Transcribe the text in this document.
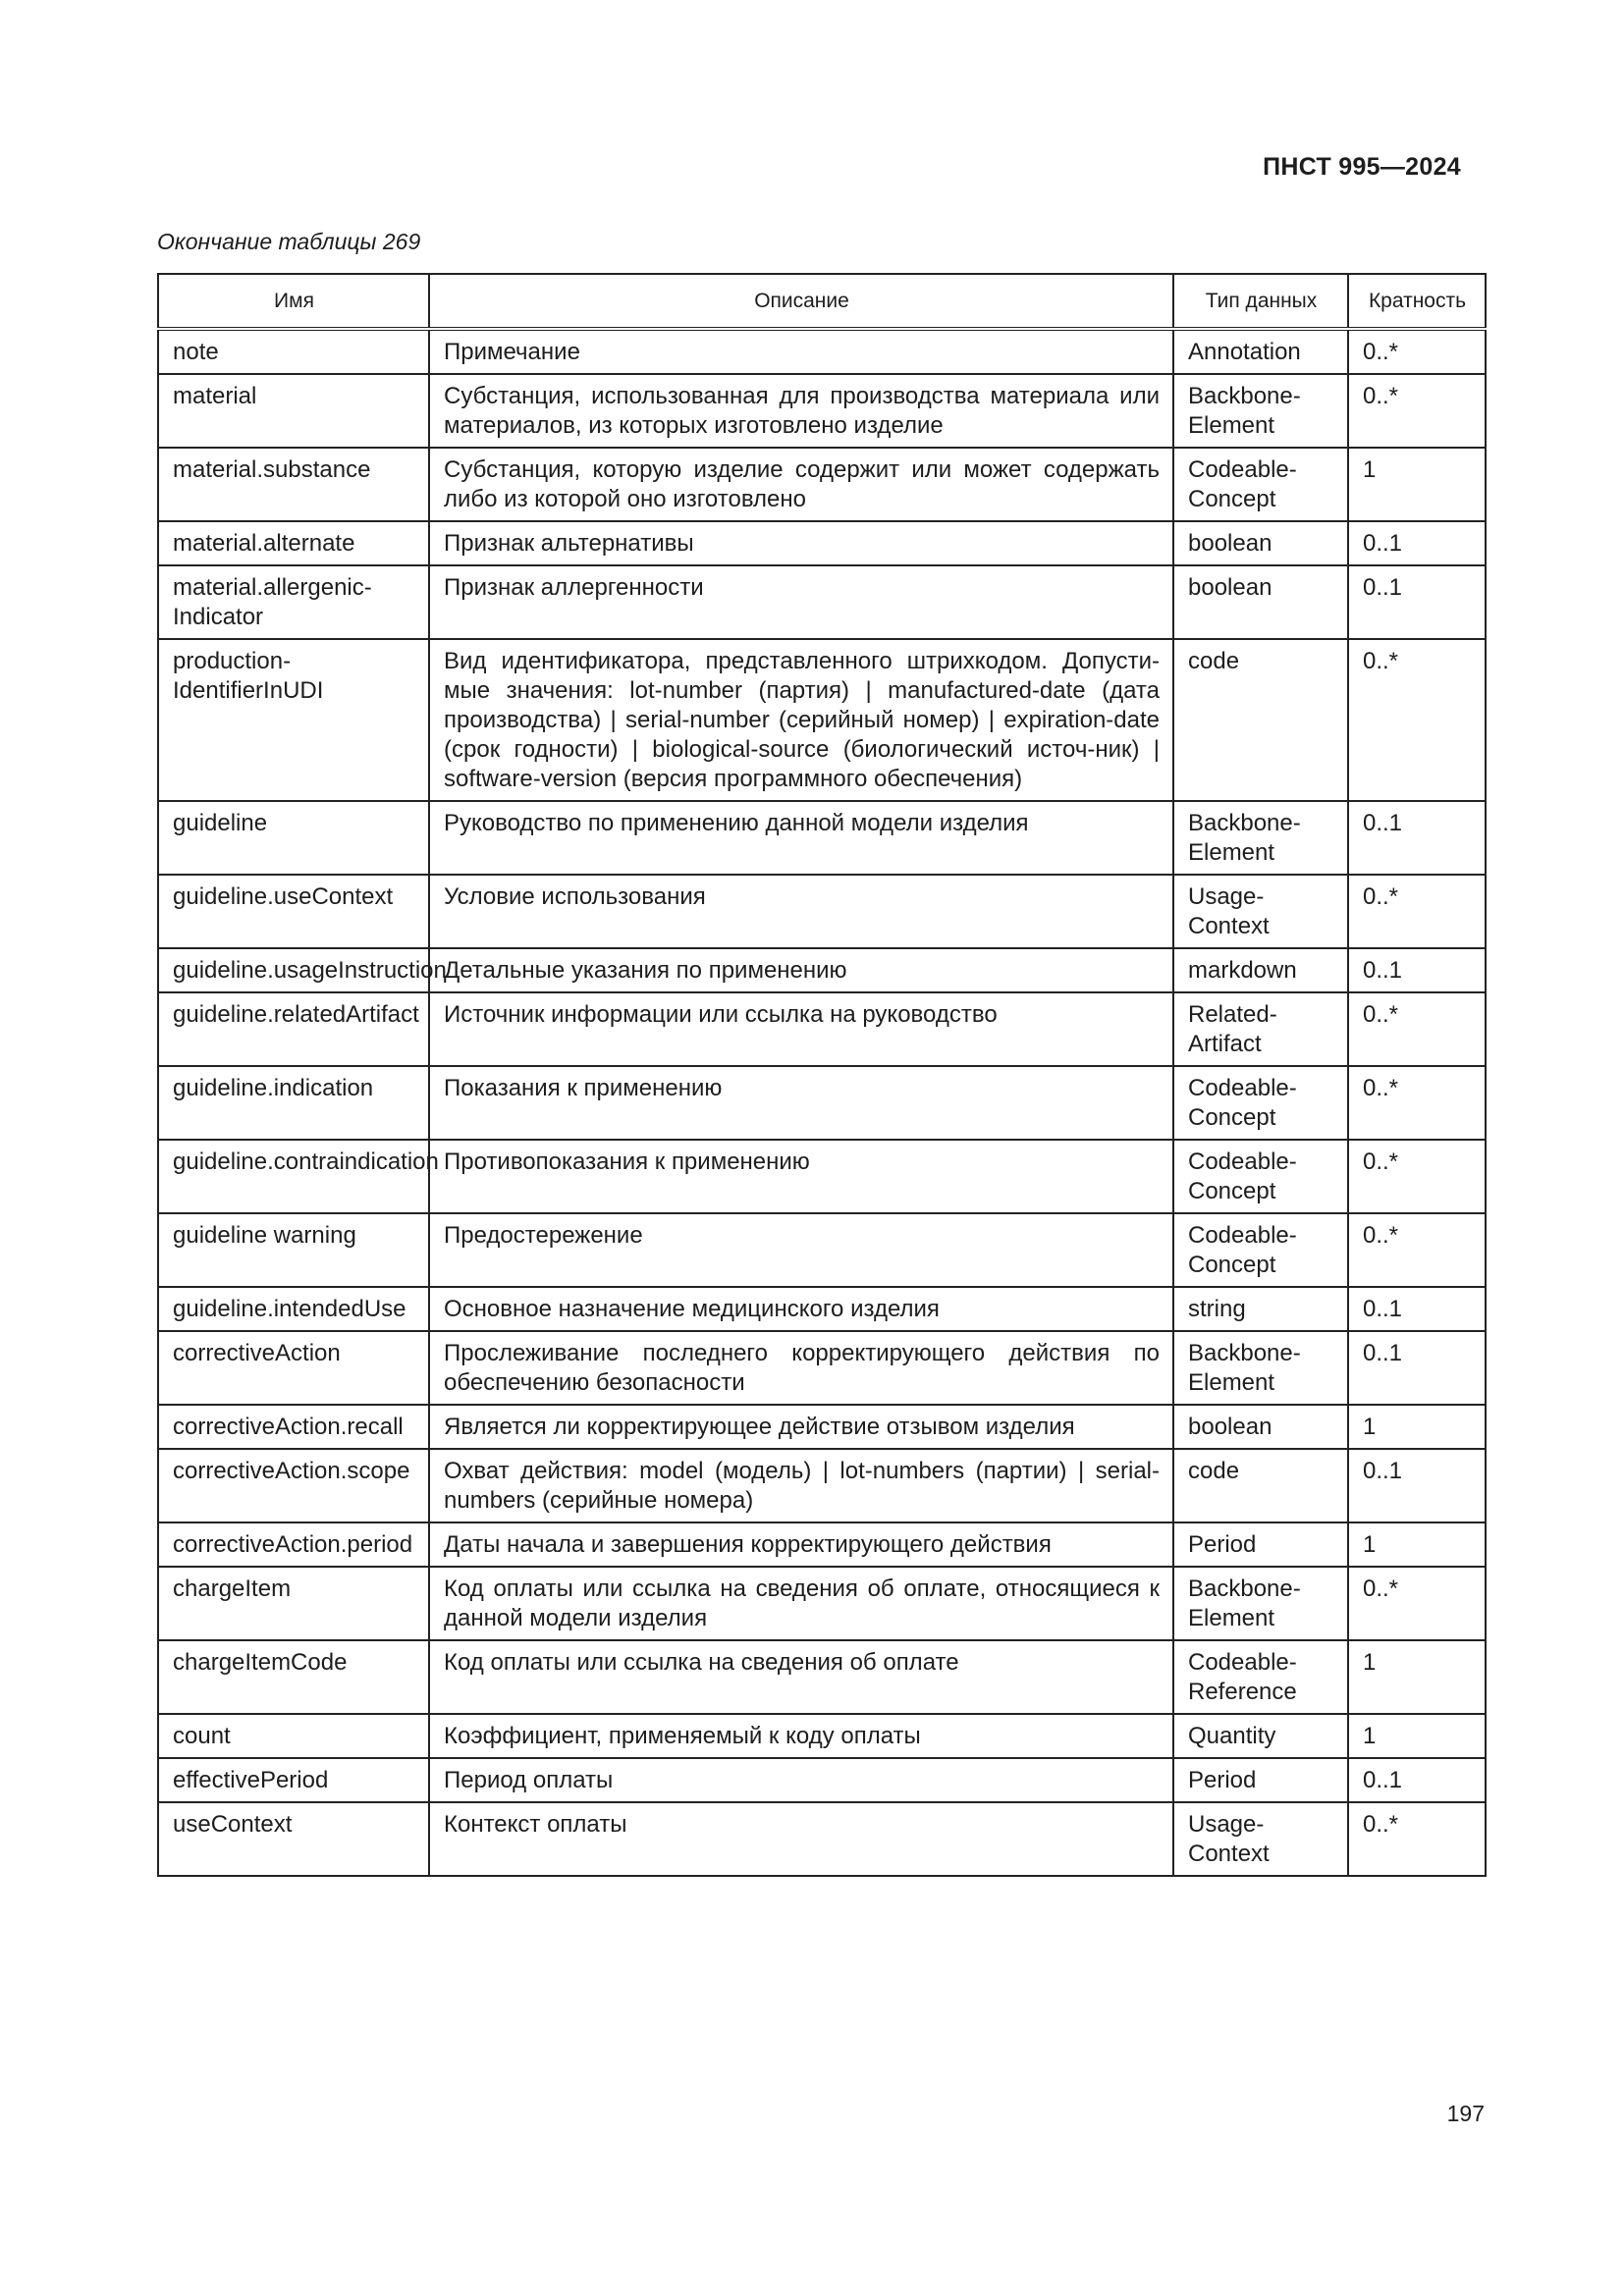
ПНСТ 995—2024
Окончание таблицы 269
Имя	Описание	Тип данных	Кратность
note	Примечание	Annotation	0..*
material	Субстанция, использованная для производства материала или материалов, из которых изготовлено изделие	Backbone-Element	0..*
material.substance	Субстанция, которую изделие содержит или может содержать либо из которой оно изготовлено	Codeable-Concept	1
material.alternate	Признак альтернативы	boolean	0..1
material.allergenic-Indicator	Признак аллергенности	boolean	0..1
production-IdentifierInUDI	Вид идентификатора, представленного штрихкодом. Допусти-мые значения: lot-number (партия) | manufactured-date (дата производства) | serial-number (серийный номер) | expiration-date (срок годности) | biological-source (биологический источ-ник) | software-version (версия программного обеспечения)	code	0..*
guideline	Руководство по применению данной модели изделия	Backbone-Element	0..1
guideline.useContext	Условие использования	Usage-Context	0..*
guideline.usageInstruction	Детальные указания по применению	markdown	0..1
guideline.relatedArtifact	Источник информации или ссылка на руководство	Related-Artifact	0..*
guideline.indication	Показания к применению	Codeable-Concept	0..*
guideline.contraindication	Противопоказания к применению	Codeable-Concept	0..*
guideline warning	Предостережение	Codeable-Concept	0..*
guideline.intendedUse	Основное назначение медицинского изделия	string	0..1
correctiveAction	Прослеживание последнего корректирующего действия по обеспечению безопасности	Backbone-Element	0..1
correctiveAction.recall	Является ли корректирующее действие отзывом изделия	boolean	1
correctiveAction.scope	Охват действия: model (модель) | lot-numbers (партии) | serial-numbers (серийные номера)	code	0..1
correctiveAction.period	Даты начала и завершения корректирующего действия	Period	1
chargeItem	Код оплаты или ссылка на сведения об оплате, относящиеся к данной модели изделия	Backbone-Element	0..*
chargeItemCode	Код оплаты или ссылка на сведения об оплате	Codeable-Reference	1
count	Коэффициент, применяемый к коду оплаты	Quantity	1
effectivePeriod	Период оплаты	Period	0..1
useContext	Контекст оплаты	Usage-Context	0..*
197
